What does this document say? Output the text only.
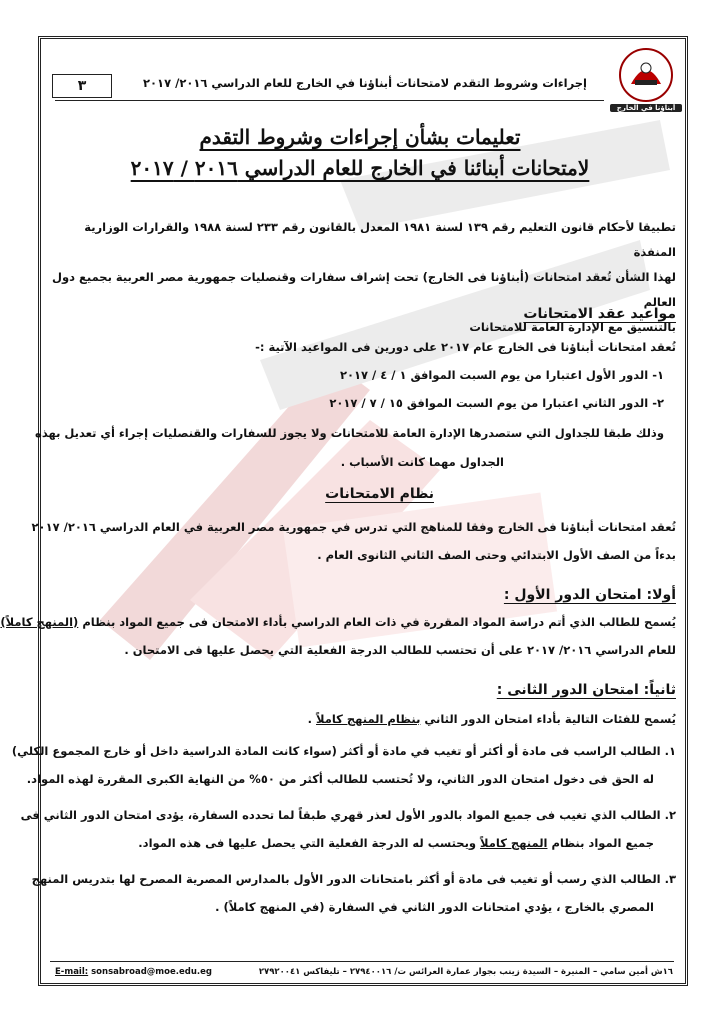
٣	إجراءات وشروط التقدم لامتحانات أبناؤنا في الخارج للعام الدراسي ٢٠١٦/ ٢٠١٧
أبناؤنا في الخارج
تعليمات بشأن إجراءات وشروط التقدم
لامتحانات أبنائنا في الخارج للعام الدراسي ٢٠١٦ / ٢٠١٧
تطبيقا لأحكام قانون التعليم رقم ١٣٩ لسنة ١٩٨١ المعدل بالقانون رقم ٢٣٣ لسنة ١٩٨٨ والقرارات الوزارية المنفذة
لهذا الشأن تُعقد امتحانات (أبناؤنا فى الخارج) تحت إشراف سفارات وقنصليات جمهورية مصر العربية بجميع دول العالم
بالتنسيق مع الإدارة العامة للامتحانات
مواعيد عقد الامتحانات
تُعقد امتحانات أبناؤنا فى الخارج عام ٢٠١٧ على دورين فى المواعيد الآتية :-
١- الدور الأول اعتبارا من يوم السبت الموافق ١ / ٤ / ٢٠١٧
٢- الدور الثاني اعتبارا من يوم السبت الموافق ١٥ / ٧ / ٢٠١٧
وذلك طبقا للجداول التي ستصدرها الإدارة العامة للامتحانات ولا يجوز للسفارات والقنصليات إجراء أي تعديل بهذه
الجداول مهما كانت الأسباب .
نظام الامتحانات
تُعقد امتحانات أبناؤنا فى الخارج وفقا للمناهج التي تدرس في جمهورية مصر العربية في العام الدراسي ٢٠١٦/ ٢٠١٧
بدءاً من الصف الأول الابتدائي وحتى الصف الثاني الثانوى العام .
أولا: امتحان الدور الأول :
يُسمح للطالب الذي أتم دراسة المواد المقررة في ذات العام الدراسي بأداء الامتحان فى جميع المواد بنظام (المنهج كاملاً)
للعام الدراسي ٢٠١٦/ ٢٠١٧ على أن تحتسب للطالب الدرجة الفعلية التي يحصل عليها فى الامتحان .
ثانياً: امتحان الدور الثانى :
يُسمح للفئات التالية بأداء امتحان الدور الثاني بنظام المنهج كاملاً .
١. الطالب الراسب فى مادة أو أكثر أو تغيب في مادة أو أكثر (سواء كانت المادة الدراسية داخل أو خارج المجموع الكلي)
له الحق فى دخول امتحان الدور الثاني، ولا تُحتسب للطالب أكثر من ٥٠% من النهاية الكبرى المقررة لهذه المواد.
٢. الطالب الذي تغيب فى جميع المواد بالدور الأول لعذر قهري طبقاً لما تحدده السفارة، يؤدى امتحان الدور الثاني فى
جميع المواد بنظام المنهج كاملاً ويحتسب له الدرجة الفعلية التي يحصل عليها فى هذه المواد.
٣. الطالب الذي رسب أو تغيب فى مادة أو أكثر بامتحانات الدور الأول بالمدارس المصرية المصرح لها بتدريس المنهج
المصري بالخارج ، يؤدي امتحانات الدور الثاني في السفارة (في المنهج كاملاً) .
E-mail: sonsabroad@moe.edu.eg	١٦ش أمين سامي – المنيرة – السيدة زينب بجوار عمارة العرائس ت/ ٢٧٩٤٠٠١٦ – تليفاكس ٢٧٩٢٠٠٤١
